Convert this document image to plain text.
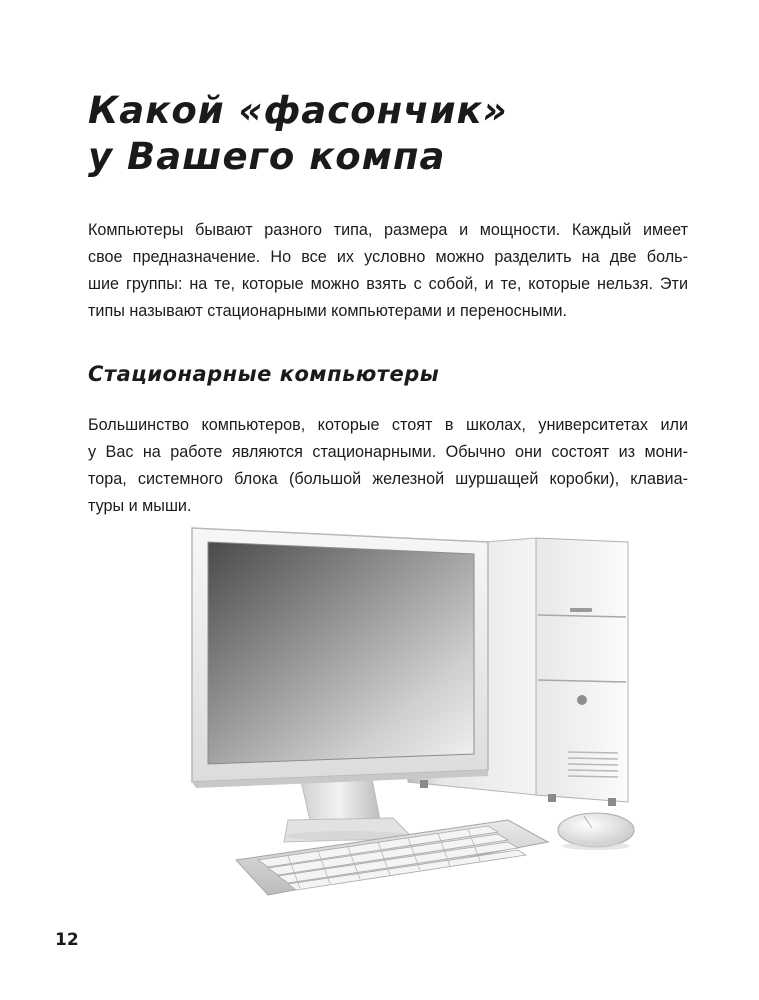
Какой «фасончик»
у Вашего компа

Компьютеры бывают разного типа, размера и мощности. Каждый имеет
свое предназначение. Но все их условно можно разделить на две боль-
шие группы: на те, которые можно взять с собой, и те, которые нельзя. Эти
типы называют стационарными компьютерами и переносными.

Стационарные компьютеры

Большинство компьютеров, которые стоят в школах, университетах или
у Вас на работе являются стационарными. Обычно они состоят из мони-
тора, системного блока (большой железной шуршащей коробки), клавиа-
туры и мыши.

12
